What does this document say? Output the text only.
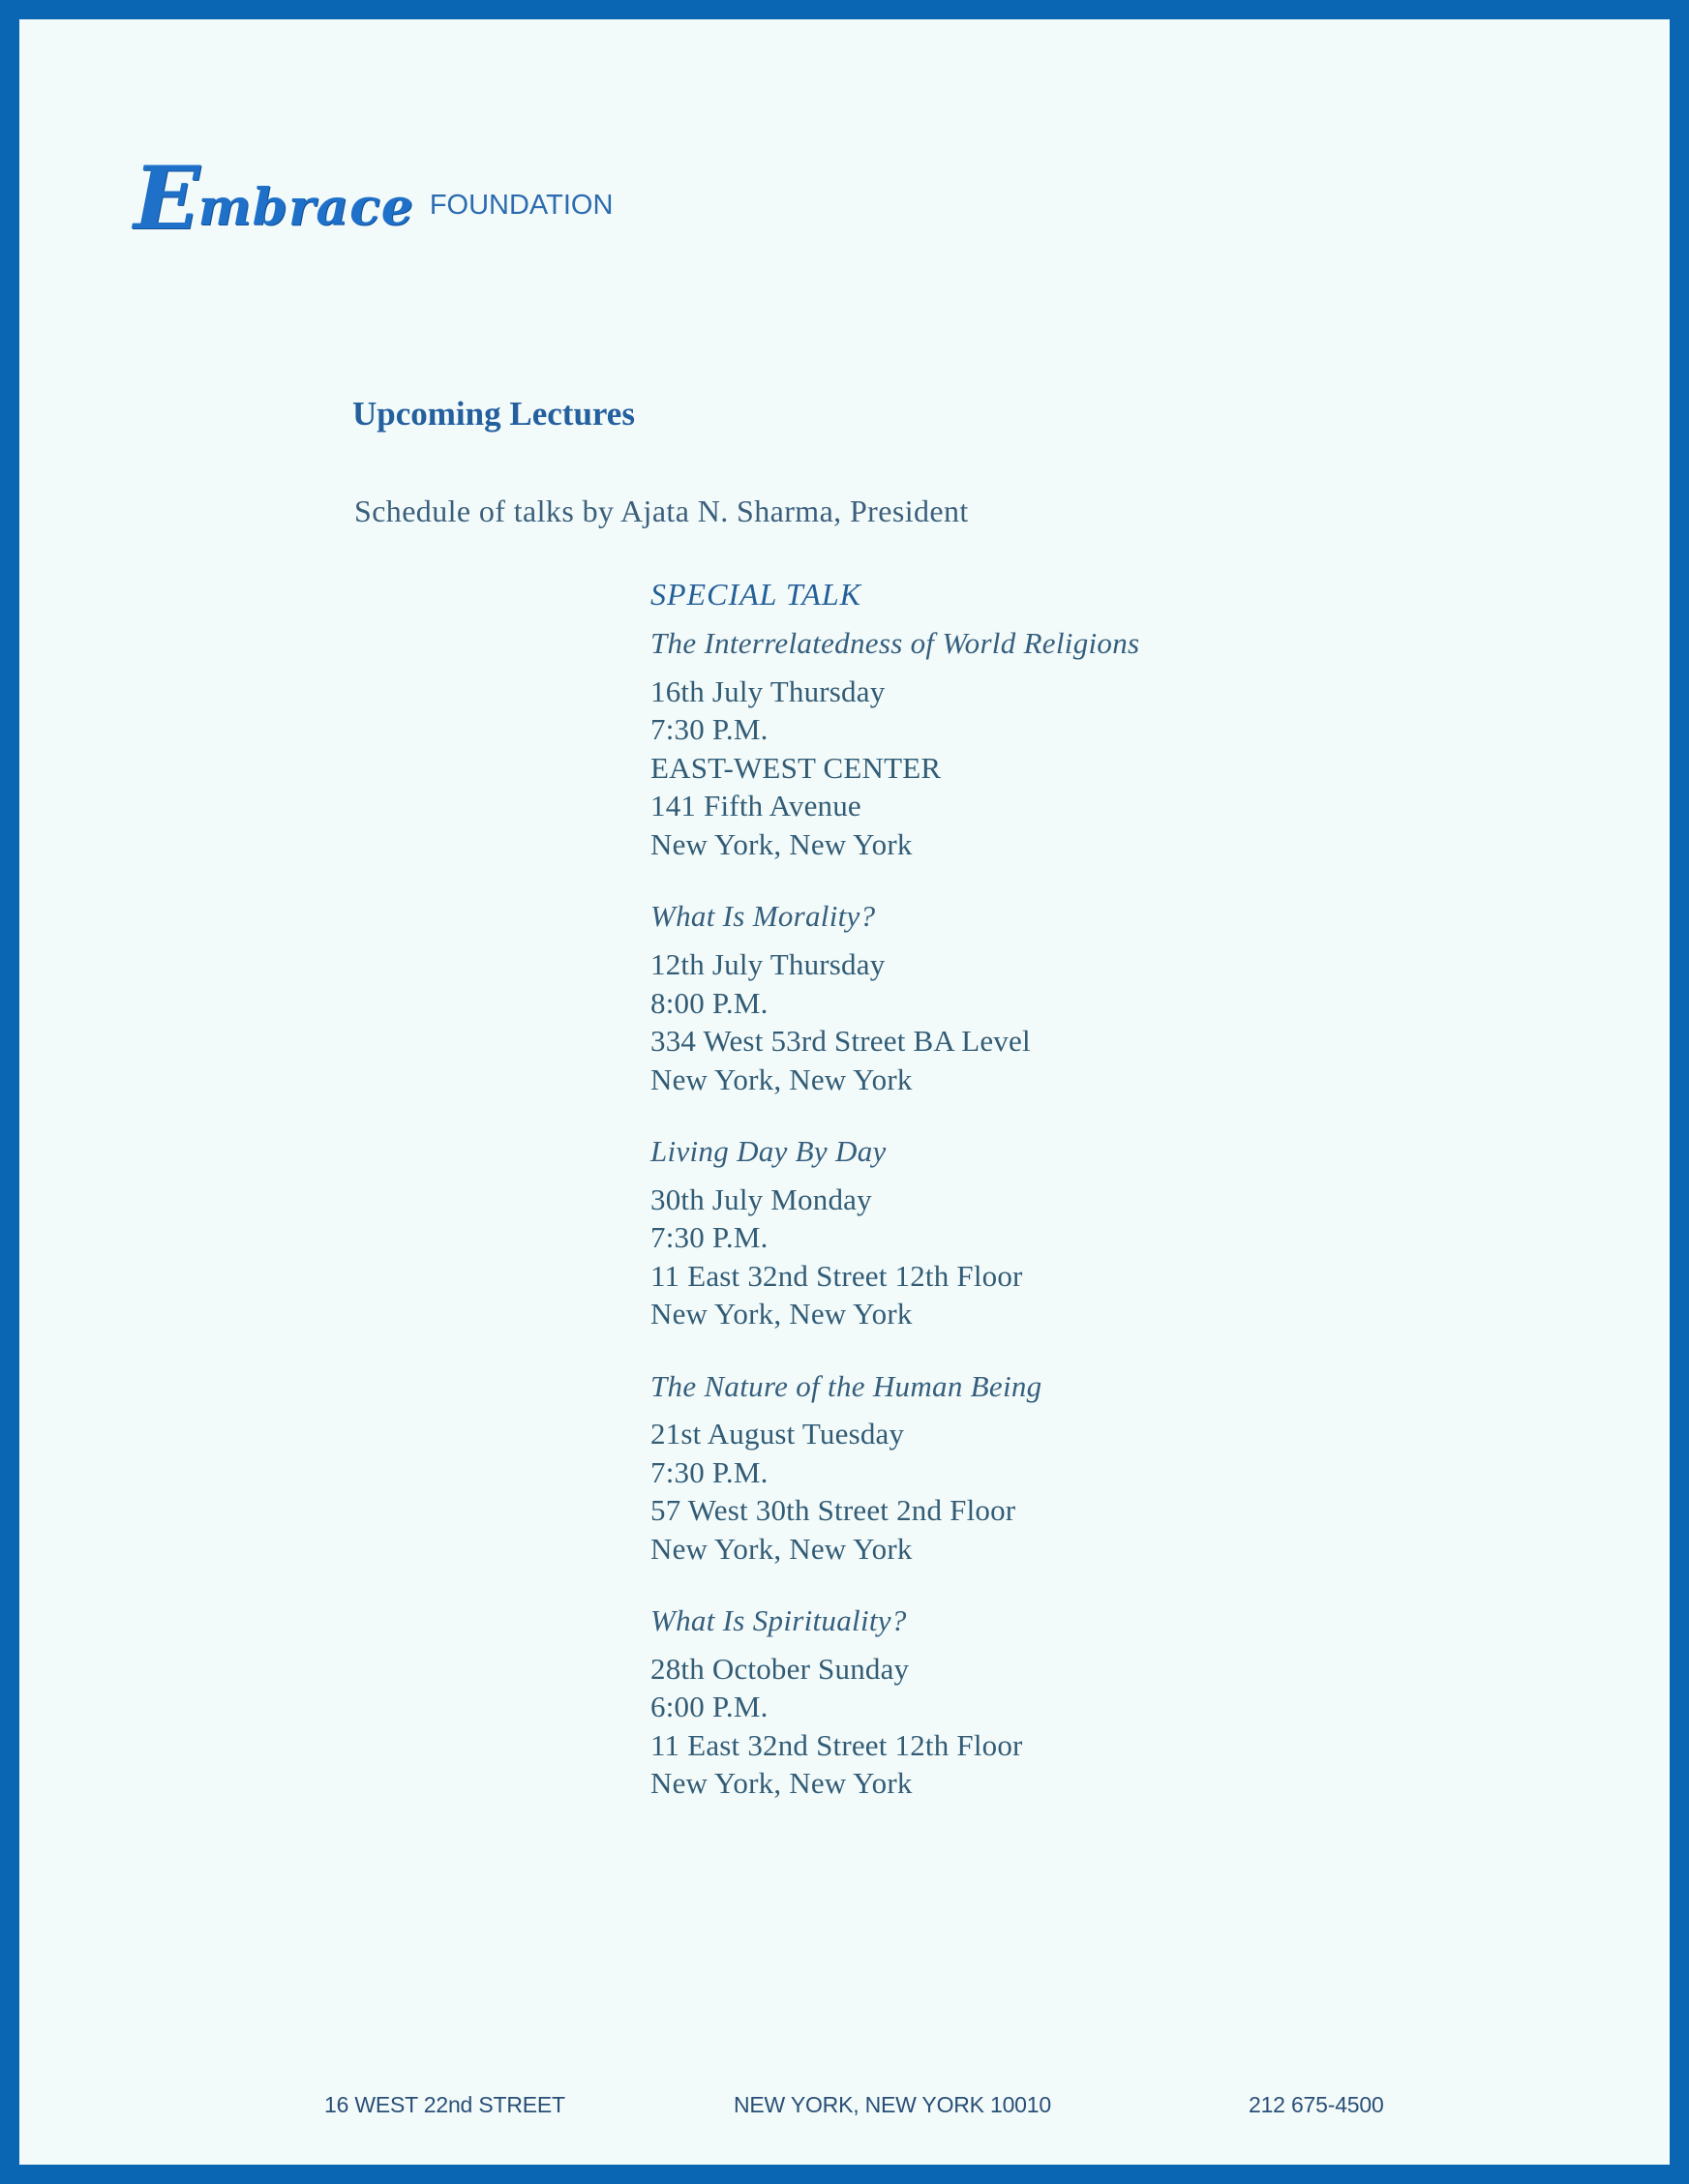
E
mbrace FOUNDATION
Upcoming Lectures
Schedule of talks by Ajata N. Sharma, President
SPECIAL TALK
The Interrelatedness of World Religions
16th July Thursday
7:30 P.M.
EAST-WEST CENTER
141 Fifth Avenue
New York, New York
What Is Morality?
12th July Thursday
8:00 P.M.
334 West 53rd Street BA Level
New York, New York
Living Day By Day
30th July Monday
7:30 P.M.
11 East 32nd Street 12th Floor
New York, New York
The Nature of the Human Being
21st August Tuesday
7:30 P.M.
57 West 30th Street 2nd Floor
New York, New York
What Is Spirituality?
28th October Sunday
6:00 P.M.
11 East 32nd Street 12th Floor
New York, New York
16 WEST 22nd STREET	NEW YORK, NEW YORK 10010	212 675-4500
